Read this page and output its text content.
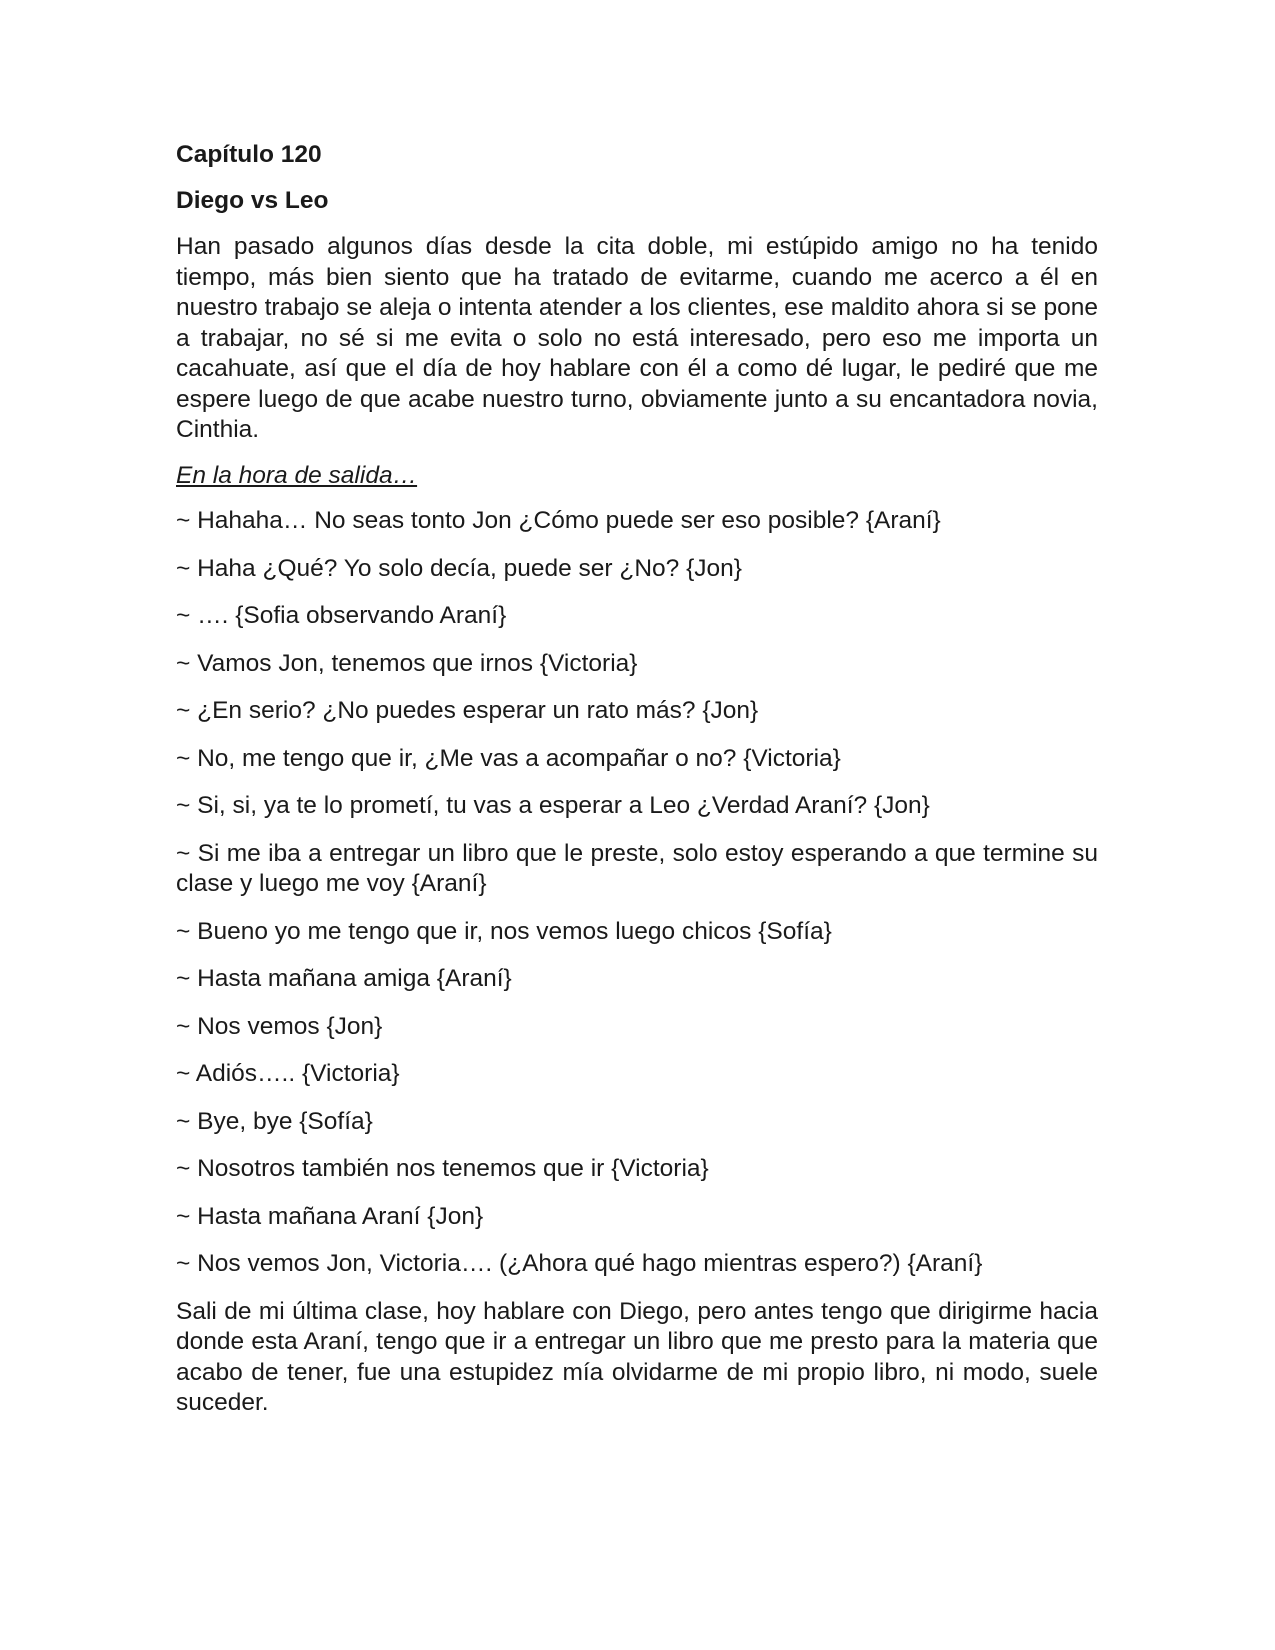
Capítulo 120
Diego vs Leo

Han pasado algunos días desde la cita doble, mi estúpido amigo no ha tenido tiempo, más bien siento que ha tratado de evitarme, cuando me acerco a él en nuestro trabajo se aleja o intenta atender a los clientes, ese maldito ahora si se pone a trabajar, no sé si me evita o solo no está interesado, pero eso me importa un cacahuate, así que el día de hoy hablare con él a como dé lugar, le pediré que me espere luego de que acabe nuestro turno, obviamente junto a su encantadora novia, Cinthia.

En la hora de salida…
~ Hahaha… No seas tonto Jon ¿Cómo puede ser eso posible? {Araní}
~ Haha ¿Qué? Yo solo decía, puede ser ¿No? {Jon}
~ …. {Sofia observando Araní}
~ Vamos Jon, tenemos que irnos {Victoria}
~ ¿En serio? ¿No puedes esperar un rato más? {Jon}
~ No, me tengo que ir, ¿Me vas a acompañar o no? {Victoria}
~ Si, si, ya te lo prometí, tu vas a esperar a Leo ¿Verdad Araní? {Jon}
~ Si me iba a entregar un libro que le preste, solo estoy esperando a que termine su clase y luego me voy {Araní}
~ Bueno yo me tengo que ir, nos vemos luego chicos {Sofía}
~ Hasta mañana amiga {Araní}
~ Nos vemos {Jon}
~ Adiós….. {Victoria}
~ Bye, bye {Sofía}
~ Nosotros también nos tenemos que ir {Victoria}
~ Hasta mañana Araní {Jon}
~ Nos vemos Jon, Victoria…. (¿Ahora qué hago mientras espero?) {Araní}

Sali de mi última clase, hoy hablare con Diego, pero antes tengo que dirigirme hacia donde esta Araní, tengo que ir a entregar un libro que me presto para la materia que acabo de tener, fue una estupidez mía olvidarme de mi propio libro, ni modo, suele suceder.
